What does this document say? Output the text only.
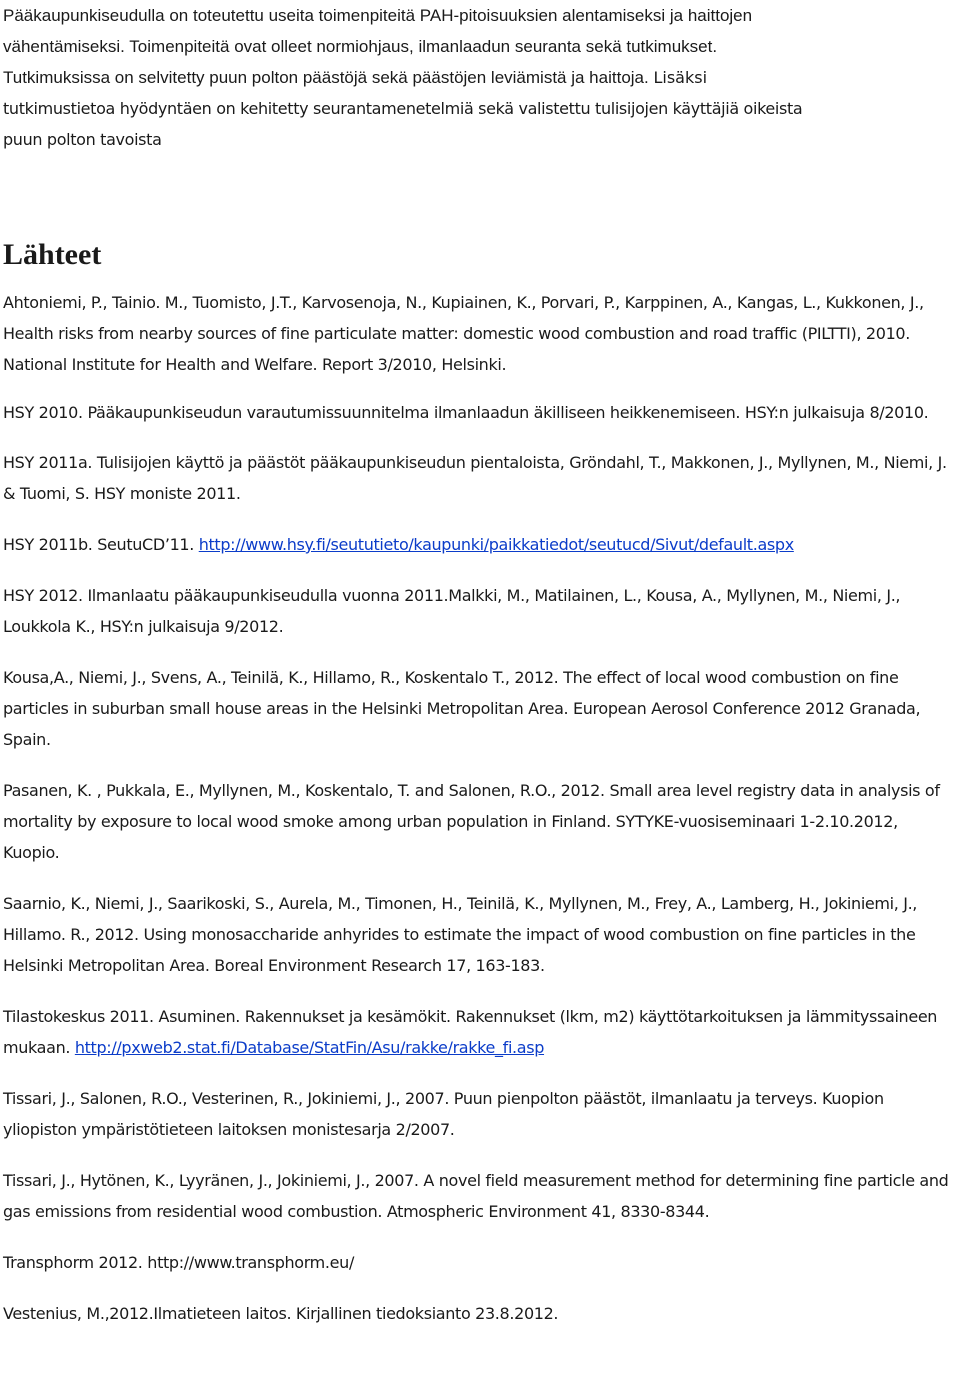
Pääkaupunkiseudulla on toteutettu useita toimenpiteitä PAH-pitoisuuksien alentamiseksi ja haittojen
vähentämiseksi. Toimenpiteitä ovat olleet normiohjaus, ilmanlaadun seuranta sekä tutkimukset.
Tutkimuksissa on selvitetty puun polton päästöjä sekä päästöjen leviämistä ja haittoja. Lisäksi
tutkimustietoa hyödyntäen on kehitetty seurantamenetelmiä sekä valistettu tulisijojen käyttäjiä oikeista
puun polton tavoista

Lähteet

Ahtoniemi, P., Tainio. M., Tuomisto, J.T., Karvosenoja, N., Kupiainen, K., Porvari, P., Karppinen, A., Kangas, L., Kukkonen, J., Health risks from nearby sources of fine particulate matter: domestic wood combustion and road traffic (PILTTI), 2010. National Institute for Health and Welfare. Report 3/2010, Helsinki.

HSY 2010. Pääkaupunkiseudun varautumissuunnitelma ilmanlaadun äkilliseen heikkenemiseen. HSY:n julkaisuja 8/2010.

HSY 2011a. Tulisijojen käyttö ja päästöt pääkaupunkiseudun pientaloista, Gröndahl, T., Makkonen, J., Myllynen, M., Niemi, J. & Tuomi, S. HSY moniste 2011.

HSY 2011b. SeutuCD’11. http://www.hsy.fi/seututieto/kaupunki/paikkatiedot/seutucd/Sivut/default.aspx

HSY 2012. Ilmanlaatu pääkaupunkiseudulla vuonna 2011.Malkki, M., Matilainen, L., Kousa, A., Myllynen, M., Niemi, J., Loukkola K., HSY:n julkaisuja 9/2012.

Kousa,A., Niemi, J., Svens, A., Teinilä, K., Hillamo, R., Koskentalo T., 2012. The effect of local wood combustion on fine particles in suburban small house areas in the Helsinki Metropolitan Area. European Aerosol Conference 2012 Granada, Spain.

Pasanen, K. , Pukkala, E., Myllynen, M., Koskentalo, T. and Salonen, R.O., 2012. Small area level registry data in analysis of mortality by exposure to local wood smoke among urban population in Finland. SYTYKE-vuosiseminaari 1-2.10.2012, Kuopio.

Saarnio, K., Niemi, J., Saarikoski, S., Aurela, M., Timonen, H., Teinilä, K., Myllynen, M., Frey, A., Lamberg, H., Jokiniemi, J., Hillamo. R., 2012. Using monosaccharide anhyrides to estimate the impact of wood combustion on fine particles in the Helsinki Metropolitan Area. Boreal Environment Research 17, 163-183.

Tilastokeskus 2011. Asuminen. Rakennukset ja kesämökit. Rakennukset (lkm, m2) käyttötarkoituksen ja lämmityssaineen mukaan. http://pxweb2.stat.fi/Database/StatFin/Asu/rakke/rakke_fi.asp

Tissari, J., Salonen, R.O., Vesterinen, R., Jokiniemi, J., 2007. Puun pienpolton päästöt, ilmanlaatu ja terveys. Kuopion yliopiston ympäristötieteen laitoksen monistesarja 2/2007.

Tissari, J., Hytönen, K., Lyyränen, J., Jokiniemi, J., 2007. A novel field measurement method for determining fine particle and gas emissions from residential wood combustion. Atmospheric Environment 41, 8330-8344.

Transphorm 2012. http://www.transphorm.eu/

Vestenius, M.,2012.Ilmatieteen laitos. Kirjallinen tiedoksianto 23.8.2012.
